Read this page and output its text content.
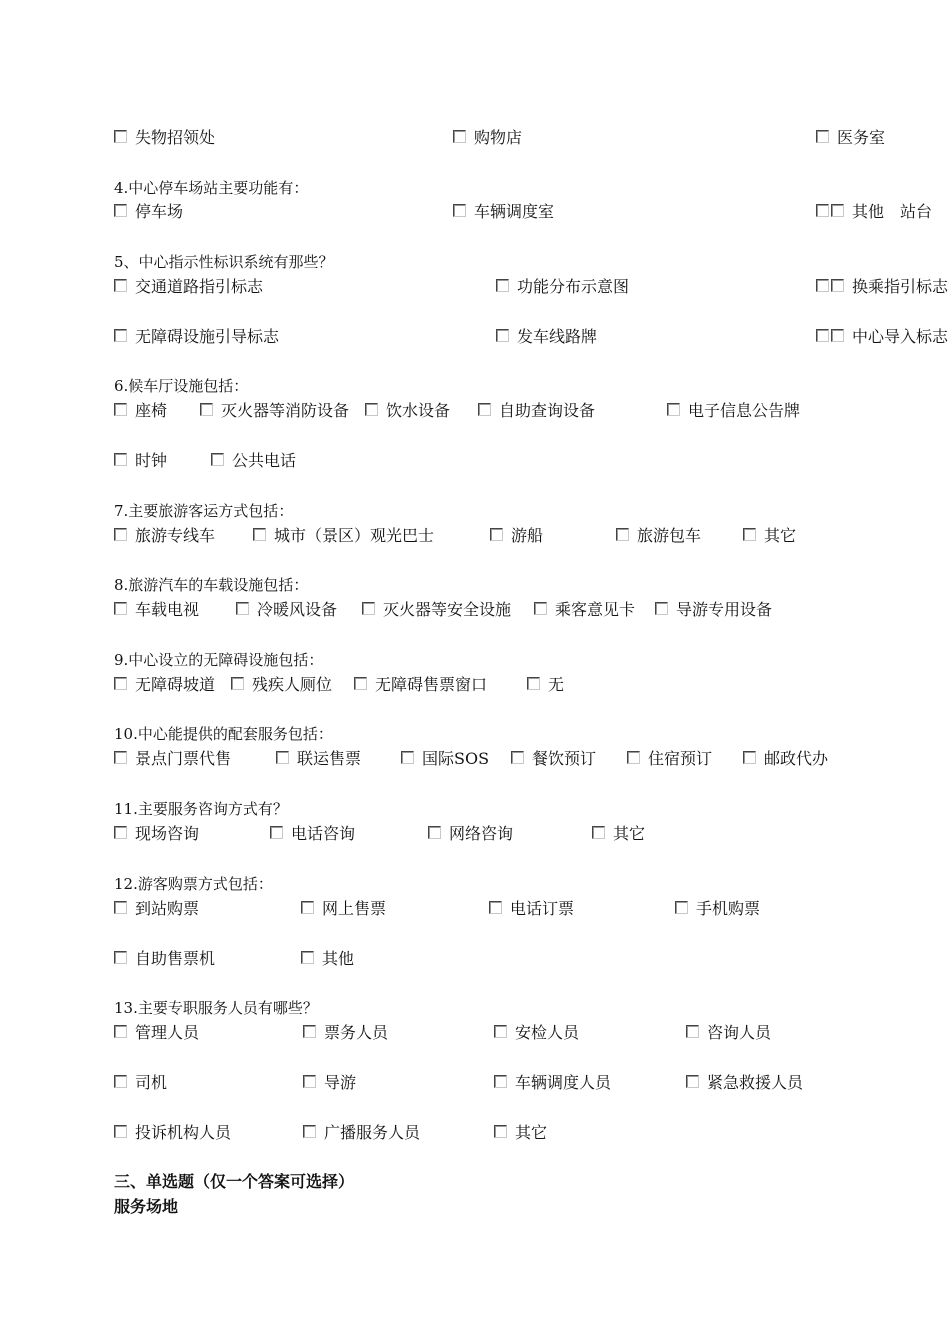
失物招领处	购物店	医务室
4.中心停车场站主要功能有：
停车场	车辆调度室	其他　站台
5、中心指示性标识系统有那些？
交通道路指引标志	功能分布示意图	换乘指引标志
无障碍设施引导标志	发车线路牌	中心导入标志
6.候车厅设施包括：
座椅	灭火器等消防设备 饮水设备	自助查询设备	电子信息公告牌
时钟	公共电话
7.主要旅游客运方式包括：
旅游专线车	城市（景区）观光巴士	游船	旅游包车	其它
8.旅游汽车的车载设施包括：
车载电视	冷暖风设备	灭火器等安全设施	乘客意见卡	导游专用设备
9.中心设立的无障碍设施包括：
无障碍坡道 残疾人厕位	无障碍售票窗口	无
10.中心能提供的配套服务包括：
景点门票代售	联运售票	国际SOS	餐饮预订	住宿预订	邮政代办
11.主要服务咨询方式有？
现场咨询	电话咨询	网络咨询	其它
12.游客购票方式包括：
到站购票	网上售票	电话订票	手机购票
自助售票机	其他
13.主要专职服务人员有哪些？
管理人员	票务人员	安检人员	咨询人员
司机	导游	车辆调度人员	紧急救援人员
投诉机构人员	广播服务人员	其它
三、单选题（仅一个答案可选择）
服务场地
